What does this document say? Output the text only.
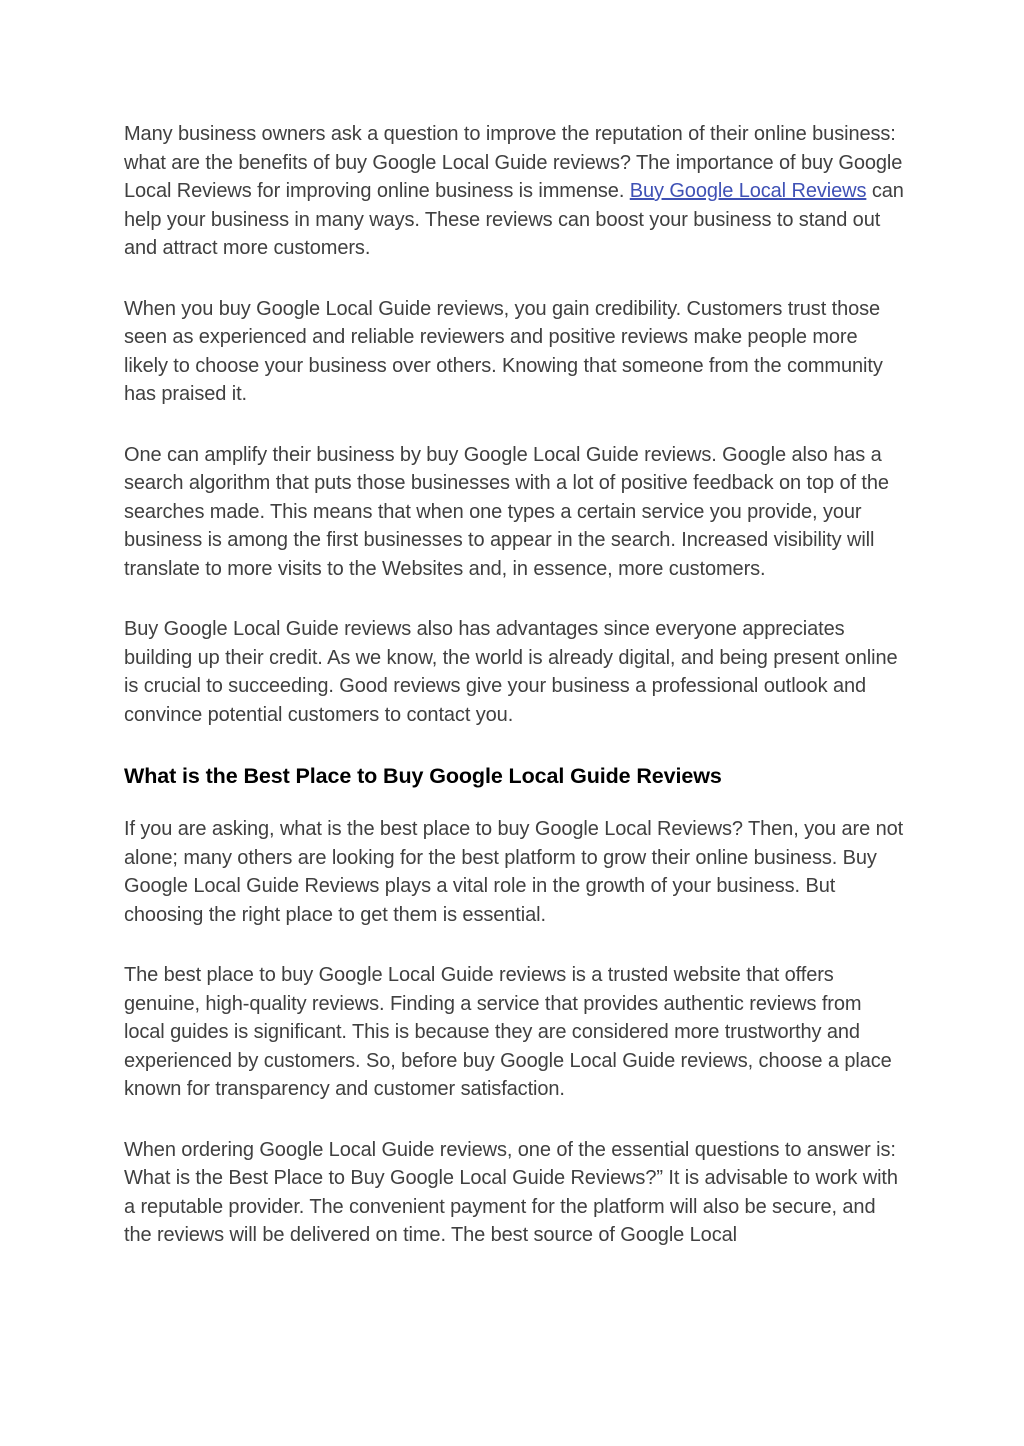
Many business owners ask a question to improve the reputation of their online business: what are the benefits of buy Google Local Guide reviews? The importance of buy Google Local Reviews for improving online business is immense. Buy Google Local Reviews can help your business in many ways. These reviews can boost your business to stand out and attract more customers.

When you buy Google Local Guide reviews, you gain credibility. Customers trust those seen as experienced and reliable reviewers and positive reviews make people more likely to choose your business over others. Knowing that someone from the community has praised it.

One can amplify their business by buy Google Local Guide reviews. Google also has a search algorithm that puts those businesses with a lot of positive feedback on top of the searches made. This means that when one types a certain service you provide, your business is among the first businesses to appear in the search. Increased visibility will translate to more visits to the Websites and, in essence, more customers.

Buy Google Local Guide reviews also has advantages since everyone appreciates building up their credit. As we know, the world is already digital, and being present online is crucial to succeeding. Good reviews give your business a professional outlook and convince potential customers to contact you.

What is the Best Place to Buy Google Local Guide Reviews

If you are asking, what is the best place to buy Google Local Reviews? Then, you are not alone; many others are looking for the best platform to grow their online business. Buy Google Local Guide Reviews plays a vital role in the growth of your business. But choosing the right place to get them is essential.

The best place to buy Google Local Guide reviews is a trusted website that offers genuine, high-quality reviews. Finding a service that provides authentic reviews from local guides is significant. This is because they are considered more trustworthy and experienced by customers. So, before buy Google Local Guide reviews, choose a place known for transparency and customer satisfaction.

When ordering Google Local Guide reviews, one of the essential questions to answer is: What is the Best Place to Buy Google Local Guide Reviews?” It is advisable to work with a reputable provider. The convenient payment for the platform will also be secure, and the reviews will be delivered on time. The best source of Google Local
